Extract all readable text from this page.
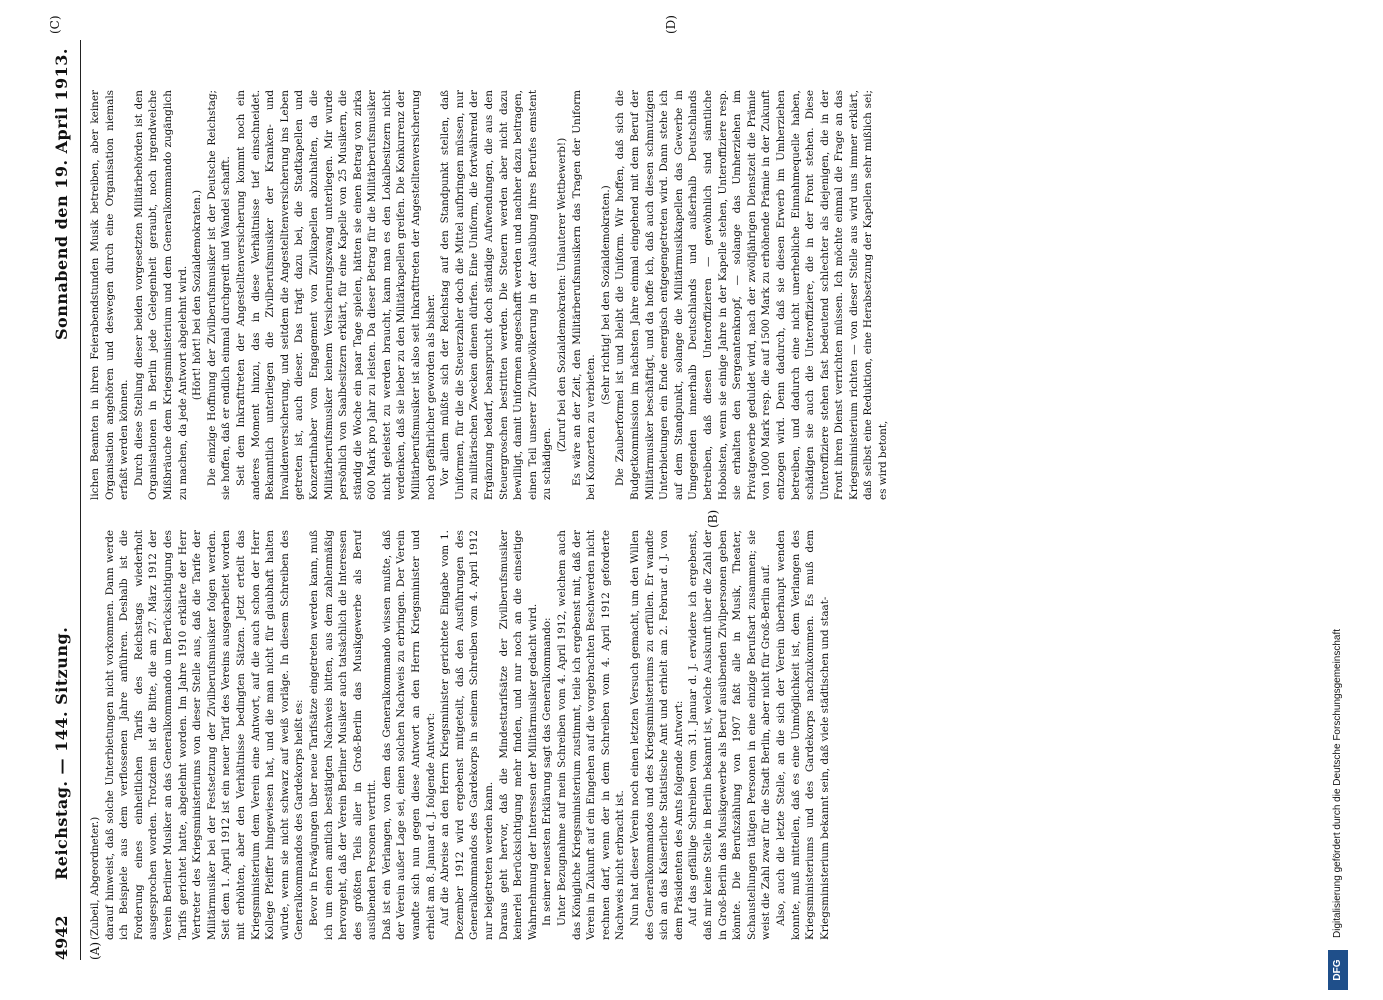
4942
Reichstag. — 144. Sitzung.
Sonnabend den 19. April 1913.
(A)
(B)
(C)	(D)

(Zubeil, Abgeordneter.) darauf hinweist, daß solche Unterbietungen nicht vorkommen. Dann werde ich Beispiele aus dem verflossenen Jahre anführen. Deshalb ist die Forderung eines einheitlichen Tarifs des Reichstags wiederholt ausgesprochen worden. Trotzdem ist die Bitte, die am 27. März 1912 der Verein Berliner Musiker an das Generalkommando um Berücksichtigung des Tarifs gerichtet hatte, abgelehnt worden. Im Jahre 1910 erklärte der Herr Vertreter des Kriegsministeriums von dieser Stelle aus, daß die Tarife der Militärmusiker bei der Festsetzung der Zivilberufsmusiker folgen werden. Seit dem 1. April 1912 ist ein neuer Tarif des Vereins ausgearbeitet worden mit erhöhten, aber den Verhältnisse bedingten Sätzen. Jetzt erteilt das Kriegsministerium dem Verein eine Antwort, auf die auch schon der Herr Kollege Pfeiffer hingewiesen hat, und die man nicht für glaubhaft halten würde, wenn sie nicht schwarz auf weiß vorläge. In diesem Schreiben des Generalkommandos des Gardekorps heißt es: Bevor in Erwägungen über neue Tarifsätze eingetreten werden kann, muß ich um einen amtlich bestätigten Nachweis bitten, aus dem zahlenmäßig hervorgeht, daß der Verein Berliner Musiker auch tatsächlich die Interessen des größten Teils aller in Groß-Berlin das Musikgewerbe als Beruf ausübenden Personen vertritt. Daß ist ein Verlangen, von dem das Generalkommando wissen mußte, daß der Verein außer Lage sei, einen solchen Nachweis zu erbringen. Der Verein wandte sich nun gegen diese Antwort an den Herrn Kriegsminister und erhielt am 8. Januar d. J. folgende Antwort: Auf die Abreise an den Herrn Kriegsminister gerichtete Eingabe vom 1. Dezember 1912 wird ergebenst mitgeteilt, daß den Ausführungen des Generalkommandos des Gardekorps in seinem Schreiben vom 4. April 1912 nur beigetreten werden kann. Daraus geht hervor, daß die Mindesttarifsätze der Zivilberufsmusiker keinerlei Berücksichtigung mehr finden, und nur noch an die einseitige Wahrnehmung der Interessen der Militärmusiker gedacht wird. In seiner neuesten Erklärung sagt das Generalkommando: Unter Bezugnahme auf mein Schreiben vom 4. April 1912, welchem auch das Königliche Kriegsministerium zustimmt, teile ich ergebenst mit, daß der Verein in Zukunft auf ein Eingehen auf die vorgebrachten Beschwerden nicht rechnen darf, wenn der in dem Schreiben vom 4. April 1912 geforderte Nachweis nicht erbracht ist. Nun hat dieser Verein noch einen letzten Versuch gemacht, um den Willen des Generalkommandos und des Kriegsministeriums zu erfüllen. Er wandte sich an das Kaiserliche Statistische Amt und erhielt am 2. Februar d. J. von dem Präsidenten des Amts folgende Antwort: Auf das gefällige Schreiben vom 31. Januar d. J. erwidere ich ergebenst, daß mir keine Stelle in Berlin bekannt ist, welche Auskunft über die Zahl der in Groß-Berlin das Musikgewerbe als Beruf ausübenden Zivilpersonen geben könnte. Die Berufszählung von 1907 faßt alle in Musik, Theater, Schaustellungen tätigen Personen in eine einzige Berufsart zusammen; sie weist die Zahl zwar für die Stadt Berlin, aber nicht für Groß-Berlin auf. Also, auch die letzte Stelle, an die sich der Verein überhaupt wenden konnte, muß mitteilen, daß es eine Unmöglichkeit ist, dem Verlangen des Kriegsministeriums und des Gardekorps nachzukommen. Es muß dem Kriegsministerium bekannt sein, daß viele städtischen und staat-

lichen Beamten in ihren Feierabendstunden Musik betreiben, aber keiner Organisation angehören und deswegen durch eine Organisation niemals erfaßt werden können. Durch diese Stellung dieser beiden vorgesetzten Militärbehörden ist den Organisationen in Berlin jede Gelegenheit geraubt, noch irgendwelche Mißbräuche dem Kriegsministerium und dem Generalkommando zugänglich zu machen, da jede Antwort abgelehnt wird. (Hört! hört! bei den Sozialdemokraten.) Die einzige Hoffnung der Zivilberufsmusiker ist der Deutsche Reichstag; sie hoffen, daß er endlich einmal durchgreift und Wandel schafft. Seit dem Inkrafttreten der Angestelltenversicherung kommt noch ein anderes Moment hinzu, das in diese Verhältnisse tief einschneidet. Bekanntlich unterliegen die Zivilberufsmusiker der Kranken- und Invalidenversicherung, und seitdem die Angestelltenversicherung ins Leben getreten ist, auch dieser. Das trägt dazu bei, die Stadtkapellen und Konzertinhaber vom Engagement von Zivilkapellen abzuhalten, da die Militärberufsmusiker keinem Versicherungszwang unterliegen. Mir wurde persönlich von Saalbesitzern erklärt, für eine Kapelle von 25 Musikern, die ständig die Woche ein paar Tage spielen, hätten sie einen Betrag von zirka 600 Mark pro Jahr zu leisten. Da dieser Betrag für die Militärberufsmusiker nicht geleistet zu werden braucht, kann man es den Lokalbesitzern nicht verdenken, daß sie lieber zu den Militärkapellen greifen. Die Konkurrenz der Militärberufsmusiker ist also seit Inkrafttreten der Angestelltenversicherung noch gefährlicher geworden als bisher. Vor allem müßte sich der Reichstag auf den Standpunkt stellen, daß Uniformen, für die die Steuerzahler doch die Mittel aufbringen müssen, nur zu militärischen Zwecken dienen dürfen. Eine Uniform, die fortwährend der Ergänzung bedarf, beansprucht doch ständige Aufwendungen, die aus den Steuergroschen bestritten werden. Die Steuern werden aber nicht dazu bewilligt, damit Uniformen angeschafft werden und nachher dazu beitragen, einen Teil unserer Zivilbevölkerung in der Ausübung ihres Berufes emstent zu schädigen.

(Zuruf bei den Sozialdemokraten: Unlauterer Wettbewerb!) Es wäre an der Zeit, den Militärberufsmusikern das Tragen der Uniform bei Konzerten zu verbieten.

(Sehr richtig! bei den Sozialdemokraten.) Die Zauberformel ist und bleibt die Uniform. Wir hoffen, daß sich die Budgetkommission im nächsten Jahre einmal eingehend mit dem Beruf der Militärmusiker beschäftigt, und da hoffe ich, daß auch diesen schmutzigen Unterbietungen ein Ende energisch entgegengetreten wird. Dann stehe ich auf dem Standpunkt, solange die Militärmusikkapellen das Gewerbe in Umgegenden innerhalb Deutschlands und außerhalb Deutschlands betreiben, daß diesen Unteroffizieren — gewöhnlich sind sämtliche Hoboisten, wenn sie einige Jahre in der Kapelle stehen, Unteroffiziere resp. sie erhalten den Sergeantenknopf, — solange das Umherziehen im Privatgewerbe geduldet wird, nach der zwölfjährigen Dienstzeit die Prämie von 1000 Mark resp. die auf 1500 Mark zu erhöhende Prämie in der Zukunft entzogen wird. Denn dadurch, daß sie diesen Erwerb im Umherziehen betreiben, und dadurch eine nicht unerhebliche Einnahmequelle haben, schädigen sie auch die Unteroffiziere, die in der Front stehen. Diese Unteroffiziere stehen fast bedeutend schlechter als diejenigen, die in der Front ihren Dienst verrichten müssen. Ich möchte einmal die Frage an das Kriegsministerium richten — von dieser Stelle aus wird uns immer erklärt, daß selbst eine Reduktion, eine Herabsetzung der Kapellen sehr mißlich sei; es wird betont,

DFG
Digitalisierung gefördert durch die Deutsche Forschungsgemeinschaft
